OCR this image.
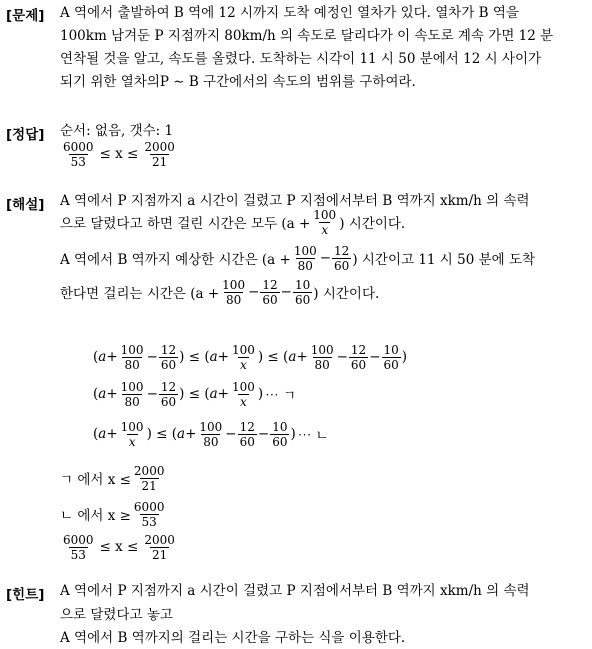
[문제] A 역에서 출발하여 B 역에 12 시까지 도착 예정인 열차가 있다. 열차가 B 역을
100km 남겨둔 P 지점까지 80km/h 의 속도로 달리다가 이 속도로 계속 가면 12 분
연착될 것을 알고, 속도를 올렸다. 도착하는 시각이 11 시 50 분에서 12 시 사이가
되기 위한 열차의P ∼ B 구간에서의 속도의 범위를 구하여라.
[정답] 순서: 없음, 갯수: 1
$\frac{6000}{53} \le x \le \frac{2000}{21}$
[해설] A 역에서 P 지점까지 a 시간이 걸렸고 P 지점에서부터 B 역까지 xkm/h 의 속력
으로 달렸다고 하면 걸린 시간은 모두 ($a + \frac{100}{x}$ ) 시간이다.
A 역에서 B 역까지 예상한 시간은 ($a + \frac{100}{80} - \frac{12}{60}$ ) 시간이고 11 시 50 분에 도착
한다면 걸리는 시간은 ($a + \frac{100}{80} - \frac{12}{60} - \frac{10}{60}$ ) 시간이다.
( $a + \frac{100}{80} - \frac{12}{60}$ ) ≤ ( $a + \frac{100}{x}$ ) ≤ ( $a + \frac{100}{80} - \frac{12}{60} - \frac{10}{60}$ )
( $a + \frac{100}{80} - \frac{12}{60}$ ) ≤ ( $a + \frac{100}{x}$ ) ⋯ ㄱ
( $a + \frac{100}{x}$ ) ≤ ( $a + \frac{100}{80} - \frac{12}{60} - \frac{10}{60}$ ) ⋯ ㄴ
ㄱ 에서 $x \le \frac{2000}{21}$
ㄴ 에서 $x \ge \frac{6000}{53}$
$\frac{6000}{53} \le x \le \frac{2000}{21}$
[힌트] A 역에서 P 지점까지 a 시간이 걸렸고 P 지점에서부터 B 역까지 xkm/h 의 속력
으로 달렸다고 놓고
A 역에서 B 역까지의 걸리는 시간을 구하는 식을 이용한다.
